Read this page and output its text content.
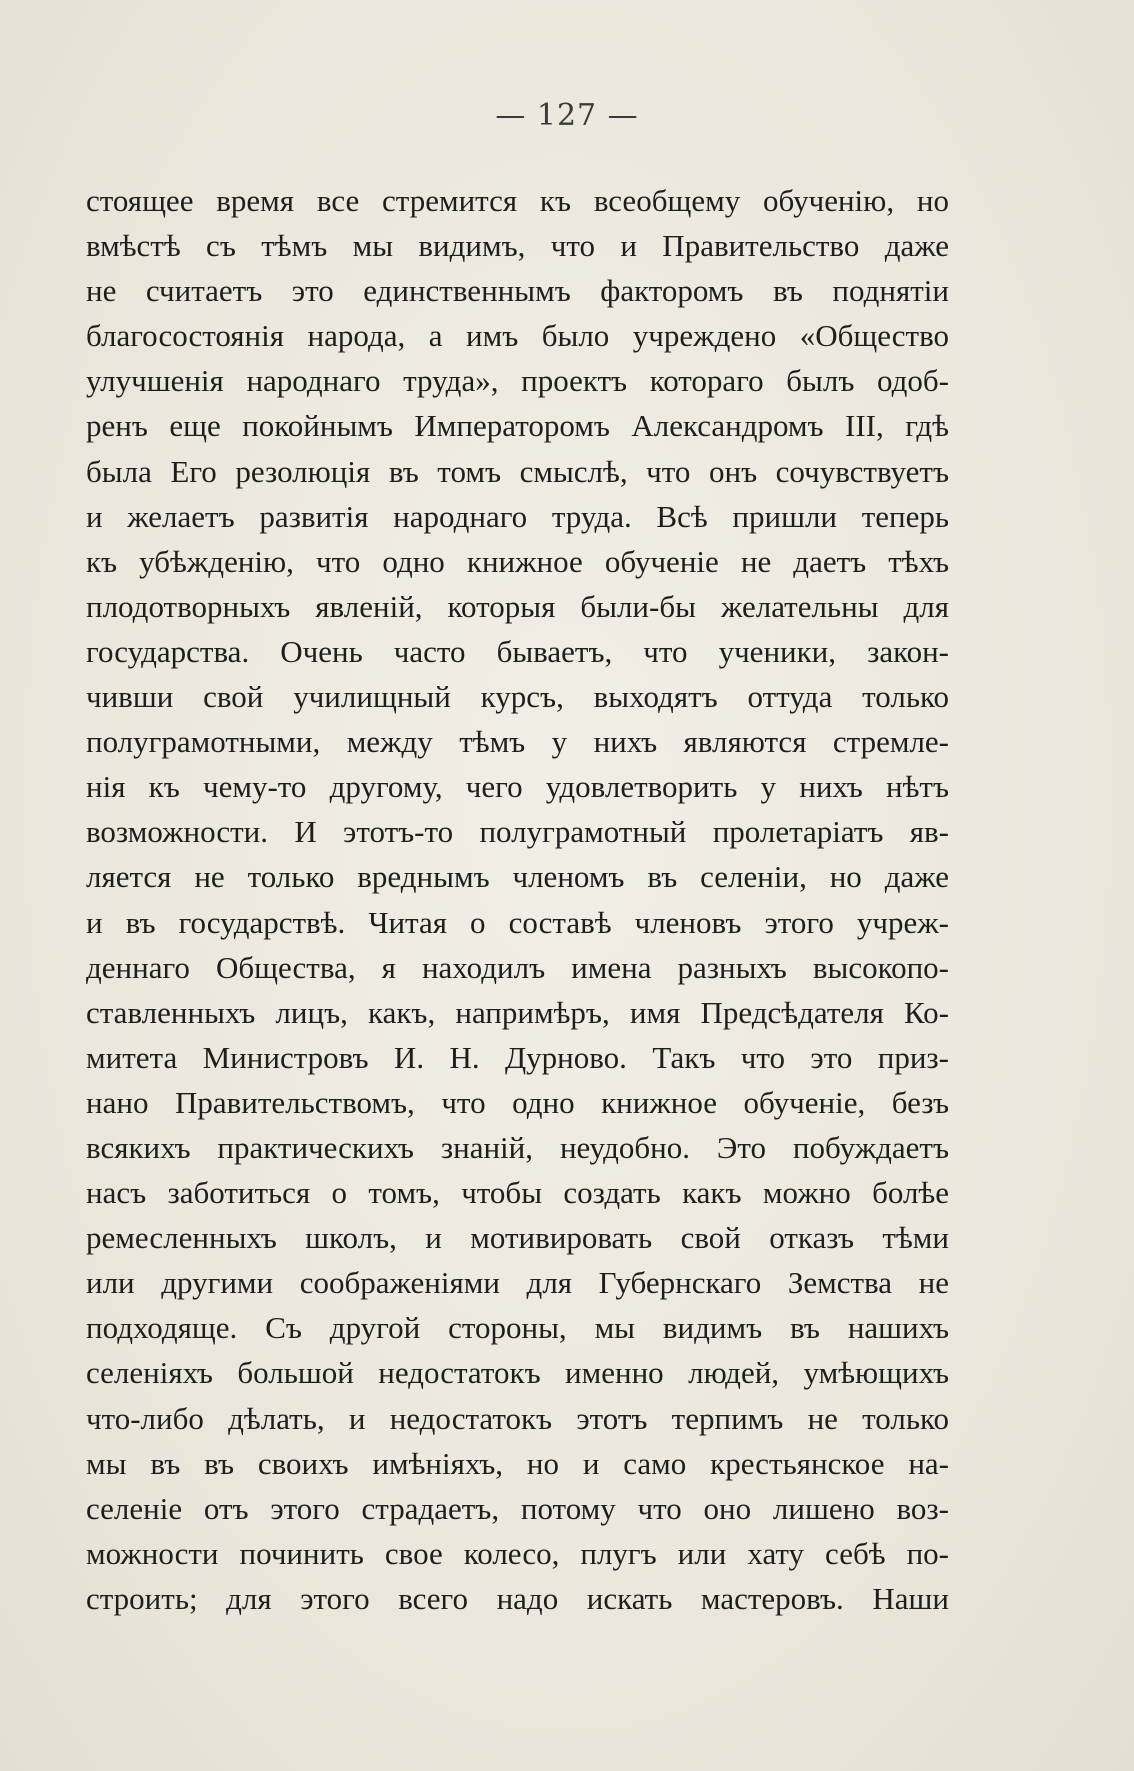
— 127 —
стоящее время все стремится къ всеобщему обученію, но
вмѣстѣ съ тѣмъ мы видимъ, что и Правительство даже
не считаетъ это единственнымъ факторомъ въ поднятіи
благосостоянія народа, а имъ было учреждено «Общество
улучшенія народнаго труда», проектъ котораго былъ одоб-
ренъ еще покойнымъ Императоромъ Александромъ III, гдѣ
была Его резолюція въ томъ смыслѣ, что онъ сочувствуетъ
и желаетъ развитія народнаго труда. Всѣ пришли теперь
къ убѣжденію, что одно книжное обученіе не даетъ тѣхъ
плодотворныхъ явленій, которыя были-бы желательны для
государства. Очень часто бываетъ, что ученики, закон-
чивши свой училищный курсъ, выходятъ оттуда только
полуграмотными, между тѣмъ у нихъ являются стремле-
нія къ чему-то другому, чего удовлетворить у нихъ нѣтъ
возможности. И этотъ-то полуграмотный пролетаріатъ яв-
ляется не только вреднымъ членомъ въ селеніи, но даже
и въ государствѣ. Читая о составѣ членовъ этого учреж-
деннаго Общества, я находилъ имена разныхъ высокопо-
ставленныхъ лицъ, какъ, напримѣръ, имя Предсѣдателя Ко-
митета Министровъ И. Н. Дурново. Такъ что это приз-
нано Правительствомъ, что одно книжное обученіе, безъ
всякихъ практическихъ знаній, неудобно. Это побуждаетъ
насъ заботиться о томъ, чтобы создать какъ можно болѣе
ремесленныхъ школъ, и мотивировать свой отказъ тѣми
или другими соображеніями для Губернскаго Земства не
подходяще. Съ другой стороны, мы видимъ въ нашихъ
селеніяхъ большой недостатокъ именно людей, умѣющихъ
что-либо дѣлать, и недостатокъ этотъ терпимъ не только
мы въ въ своихъ имѣніяхъ, но и само крестьянское на-
селеніе отъ этого страдаетъ, потому что оно лишено воз-
можности починить свое колесо, плугъ или хату себѣ по-
строить; для этого всего надо искать мастеровъ. Наши
